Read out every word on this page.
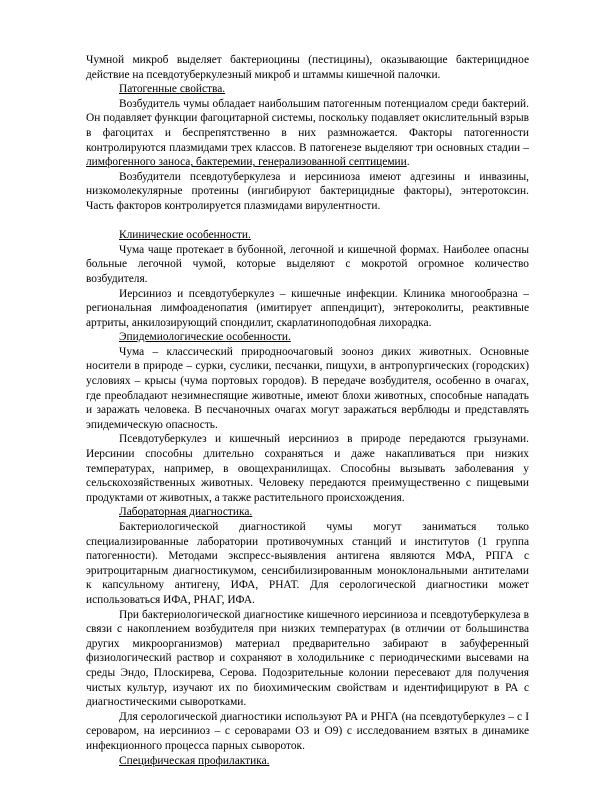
Чумной микроб выделяет бактериоцины (пестицины), оказывающие бактерицидное действие на псевдотуберкулезный микроб и штаммы кишечной палочки.

Патогенные свойства.

Возбудитель чумы обладает наибольшим патогенным потенциалом среди бактерий. Он подавляет функции фагоцитарной системы, поскольку подавляет окислительный взрыв в фагоцитах и беспрепятственно в них размножается. Факторы патогенности контролируются плазмидами трех классов. В патогенезе выделяют три основных стадии – лимфогенного заноса, бактеремии, генерализованной септицемии.

Возбудители псевдотуберкулеза и иерсиниоза имеют адгезины и инвазины, низкомолекулярные протеины (ингибируют бактерицидные факторы), энтеротоксин. Часть факторов контролируется плазмидами вирулентности.

Клинические особенности.

Чума чаще протекает в бубонной, легочной и кишечной формах. Наиболее опасны больные легочной чумой, которые выделяют с мокротой огромное количество возбудителя.

Иерсиниоз и псевдотуберкулез – кишечные инфекции. Клиника многообразна – региональная лимфоаденопатия (имитирует аппендицит), энтероколиты, реактивные артриты, анкилозирующий спондилит, скарлатиноподобная лихорадка.

Эпидемиологические особенности.

Чума – классический природноочаговый зооноз диких животных. Основные носители в природе – сурки, суслики, песчанки, пищухи, в антропургических (городских) условиях – крысы (чума портовых городов). В передаче возбудителя, особенно в очагах, где преобладают незимнеспящие животные, имеют блохи животных, способные нападать и заражать человека. В песчаночных очагах могут заражаться верблюды и представлять эпидемическую опасность.

Псевдотуберкулез и кишечный иерсиниоз в природе передаются грызунами. Иерсинии способны длительно сохраняться и даже накапливаться при низких температурах, например, в овощехранилищах. Способны вызывать заболевания у сельскохозяйственных животных. Человеку передаются преимущественно с пищевыми продуктами от животных, а также растительного происхождения.

Лабораторная диагностика.

Бактериологической диагностикой чумы могут заниматься только специализированные лаборатории противочумных станций и институтов (1 группа патогенности). Методами экспресс-выявления антигена являются МФА, РПГА с эритроцитарным диагностикумом, сенсибилизированным моноклональными антителами к капсульному антигену, ИФА, РНАТ. Для серологической диагностики может использоваться ИФА, РНАГ, ИФА.

При бактериологической диагностике кишечного иерсиниоза и псевдотуберкулеза в связи с накоплением возбудителя при низких температурах (в отличии от большинства других микроорганизмов) материал предварительно забирают в забуференный физиологический раствор и сохраняют в холодильнике с периодическими высевами на среды Эндо, Плоскирева, Серова. Подозрительные колонии пересевают для получения чистых культур, изучают их по биохимическим свойствам и идентифицируют в РА с диагностическими сыворотками.

Для серологической диагностики используют РА и РНГА (на псевдотуберкулез – с I сероваром, на иерсиниоз – с сероварами О3 и О9) с исследованием взятых в динамике инфекционного процесса парных сывороток.

Специфическая профилактика.
